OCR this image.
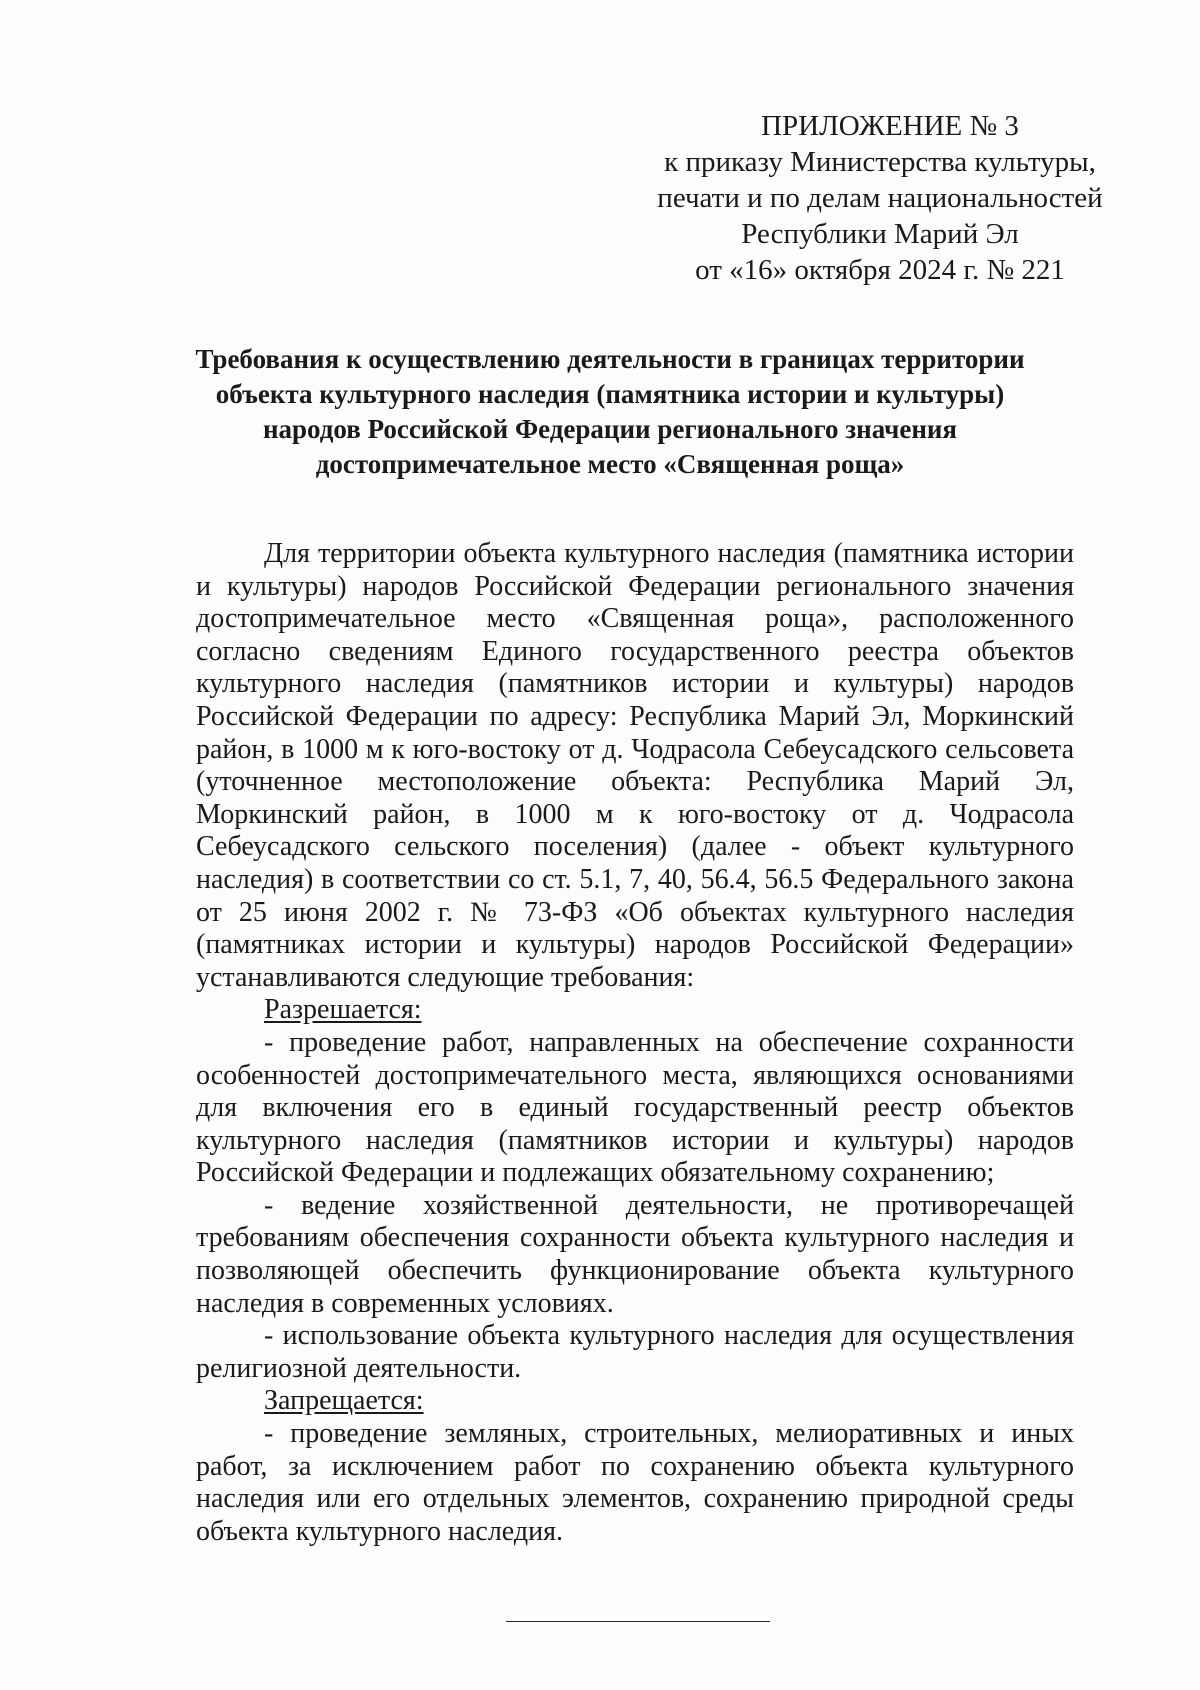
ПРИЛОЖЕНИЕ № 3
к приказу Министерства культуры,
печати и по делам национальностей
Республики Марий Эл
от «16» октября 2024 г. № 221
Требования к осуществлению деятельности в границах территории
объекта культурного наследия (памятника истории и культуры)
народов Российской Федерации регионального значения
достопримечательное место «Священная роща»

Для территории объекта культурного наследия (памятника истории и культуры) народов Российской Федерации регионального значения достопримечательное место «Священная роща», расположенного согласно сведениям Единого государственного реестра объектов культурного наследия (памятников истории и культуры) народов Российской Федерации по адресу: Республика Марий Эл, Моркинский район, в 1000 м к юго-востоку от д. Чодрасола Себеусадского сельсовета (уточненное местоположение объекта: Республика Марий Эл, Моркинский район, в 1000 м к юго-востоку от д. Чодрасола Себеусадского сельского поселения) (далее - объект культурного наследия) в соответствии со ст. 5.1, 7, 40, 56.4, 56.5 Федерального закона от 25 июня 2002 г. № 73-ФЗ «Об объектах культурного наследия (памятниках истории и культуры) народов Российской Федерации» устанавливаются следующие требования:

Разрешается:

- проведение работ, направленных на обеспечение сохранности особенностей достопримечательного места, являющихся основаниями для включения его в единый государственный реестр объектов культурного наследия (памятников истории и культуры) народов Российской Федерации и подлежащих обязательному сохранению;

- ведение хозяйственной деятельности, не противоречащей требованиям обеспечения сохранности объекта культурного наследия и позволяющей обеспечить функционирование объекта культурного наследия в современных условиях.

- использование объекта культурного наследия для осуществления религиозной деятельности.

Запрещается:

- проведение земляных, строительных, мелиоративных и иных работ, за исключением работ по сохранению объекта культурного наследия или его отдельных элементов, сохранению природной среды объекта культурного наследия.
